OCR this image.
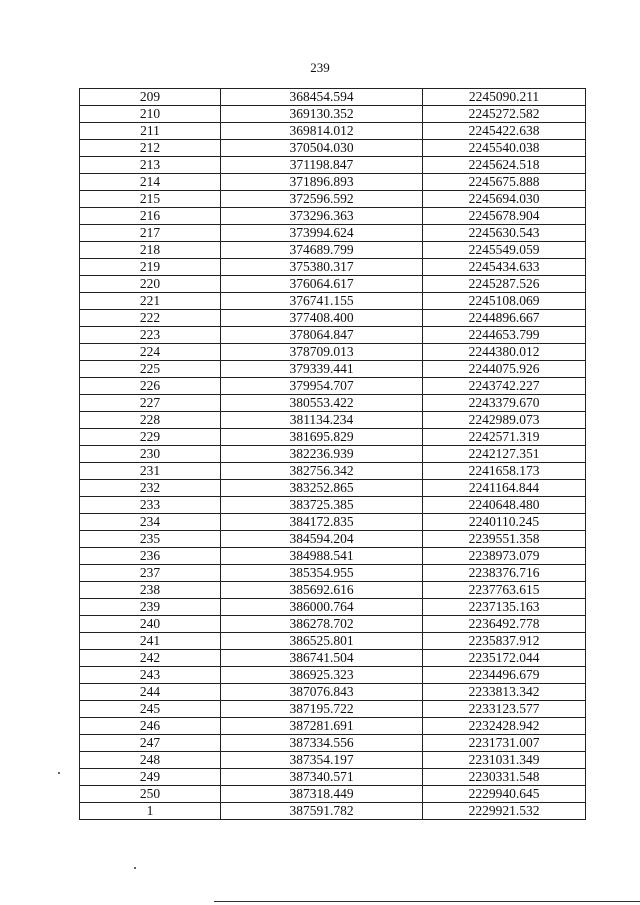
239
209	368454.594	2245090.211
210	369130.352	2245272.582
211	369814.012	2245422.638
212	370504.030	2245540.038
213	371198.847	2245624.518
214	371896.893	2245675.888
215	372596.592	2245694.030
216	373296.363	2245678.904
217	373994.624	2245630.543
218	374689.799	2245549.059
219	375380.317	2245434.633
220	376064.617	2245287.526
221	376741.155	2245108.069
222	377408.400	2244896.667
223	378064.847	2244653.799
224	378709.013	2244380.012
225	379339.441	2244075.926
226	379954.707	2243742.227
227	380553.422	2243379.670
228	381134.234	2242989.073
229	381695.829	2242571.319
230	382236.939	2242127.351
231	382756.342	2241658.173
232	383252.865	2241164.844
233	383725.385	2240648.480
234	384172.835	2240110.245
235	384594.204	2239551.358
236	384988.541	2238973.079
237	385354.955	2238376.716
238	385692.616	2237763.615
239	386000.764	2237135.163
240	386278.702	2236492.778
241	386525.801	2235837.912
242	386741.504	2235172.044
243	386925.323	2234496.679
244	387076.843	2233813.342
245	387195.722	2233123.577
246	387281.691	2232428.942
247	387334.556	2231731.007
248	387354.197	2231031.349
249	387340.571	2230331.548
250	387318.449	2229940.645
1	387591.782	2229921.532
